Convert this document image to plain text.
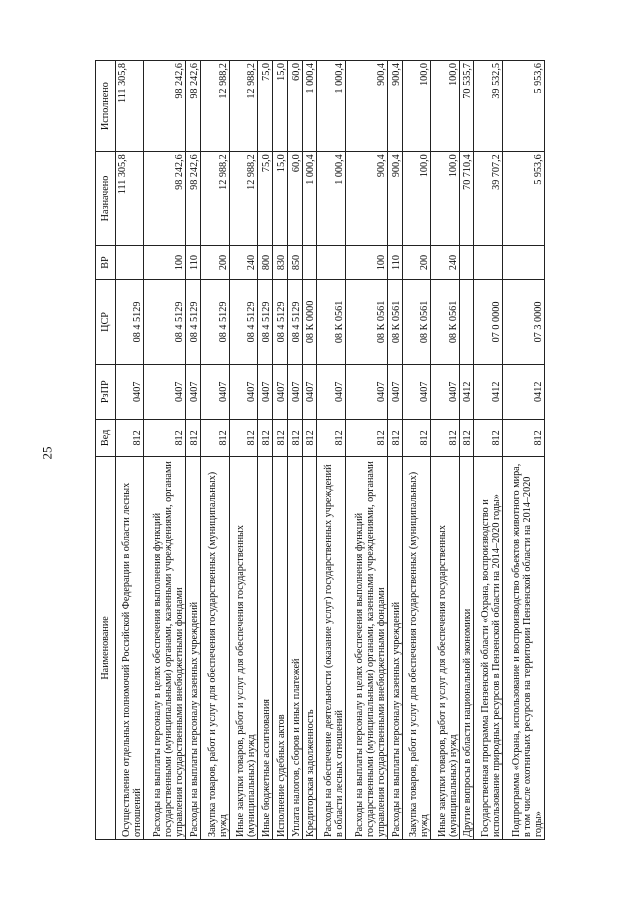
25
Наименование	Вед	РзПР	ЦСР	ВР	Назначено	Исполнено
Осуществление отдельных полномочий Российской Федерации в области лесных отношений	812	0407	08 4 5129		111 305,8	111 305,8
Расходы на выплаты персоналу в целях обеспечения выполнения функций государственными (муниципальными) органами, казенными учреждениями, органами управления государственными внебюджетными фондами	812	0407	08 4 5129	100	98 242,6	98 242,6
Расходы на выплаты персоналу казенных учреждений	812	0407	08 4 5129	110	98 242,6	98 242,6
Закупка товаров, работ и услуг для обеспечения государственных (муниципальных) нужд	812	0407	08 4 5129	200	12 988,2	12 988,2
Иные закупки товаров, работ и услуг для обеспечения государственных (муниципальных) нужд	812	0407	08 4 5129	240	12 988,2	12 988,2
Иные бюджетные ассигнования	812	0407	08 4 5129	800	75,0	75,0
Исполнение судебных актов	812	0407	08 4 5129	830	15,0	15,0
Уплата налогов, сборов и иных платежей	812	0407	08 4 5129	850	60,0	60,0
Кредиторская задолженность	812	0407	08 К 0000		1 000,4	1 000,4
Расходы на обеспечение деятельности (оказание услуг) государственных учреждений в области лесных отношений	812	0407	08 К 0561		1 000,4	1 000,4
Расходы на выплаты персоналу в целях обеспечения выполнения функций государственными (муниципальными) органами, казенными учреждениями, органами управления государственными внебюджетными фондами	812	0407	08 К 0561	100	900,4	900,4
Расходы на выплаты персоналу казенных учреждений	812	0407	08 К 0561	110	900,4	900,4
Закупка товаров, работ и услуг для обеспечения государственных (муниципальных) нужд	812	0407	08 К 0561	200	100,0	100,0
Иные закупки товаров, работ и услуг для обеспечения государственных (муниципальных) нужд	812	0407	08 К 0561	240	100,0	100,0
Другие вопросы в области национальной экономики	812	0412			70 710,4	70 535,7
Государственная программа Пензенской области «Охрана, воспроизводство и использование природных ресурсов в Пензенской области на 2014–2020 годы»	812	0412	07 0 0000		39 707,2	39 532,5
Подпрограмма «Охрана, использование и воспроизводство объектов животного мира, в том числе охотничьих ресурсов на территории Пензенской области на 2014–2020 годы»	812	0412	07 3 0000		5 953,6	5 953,6
